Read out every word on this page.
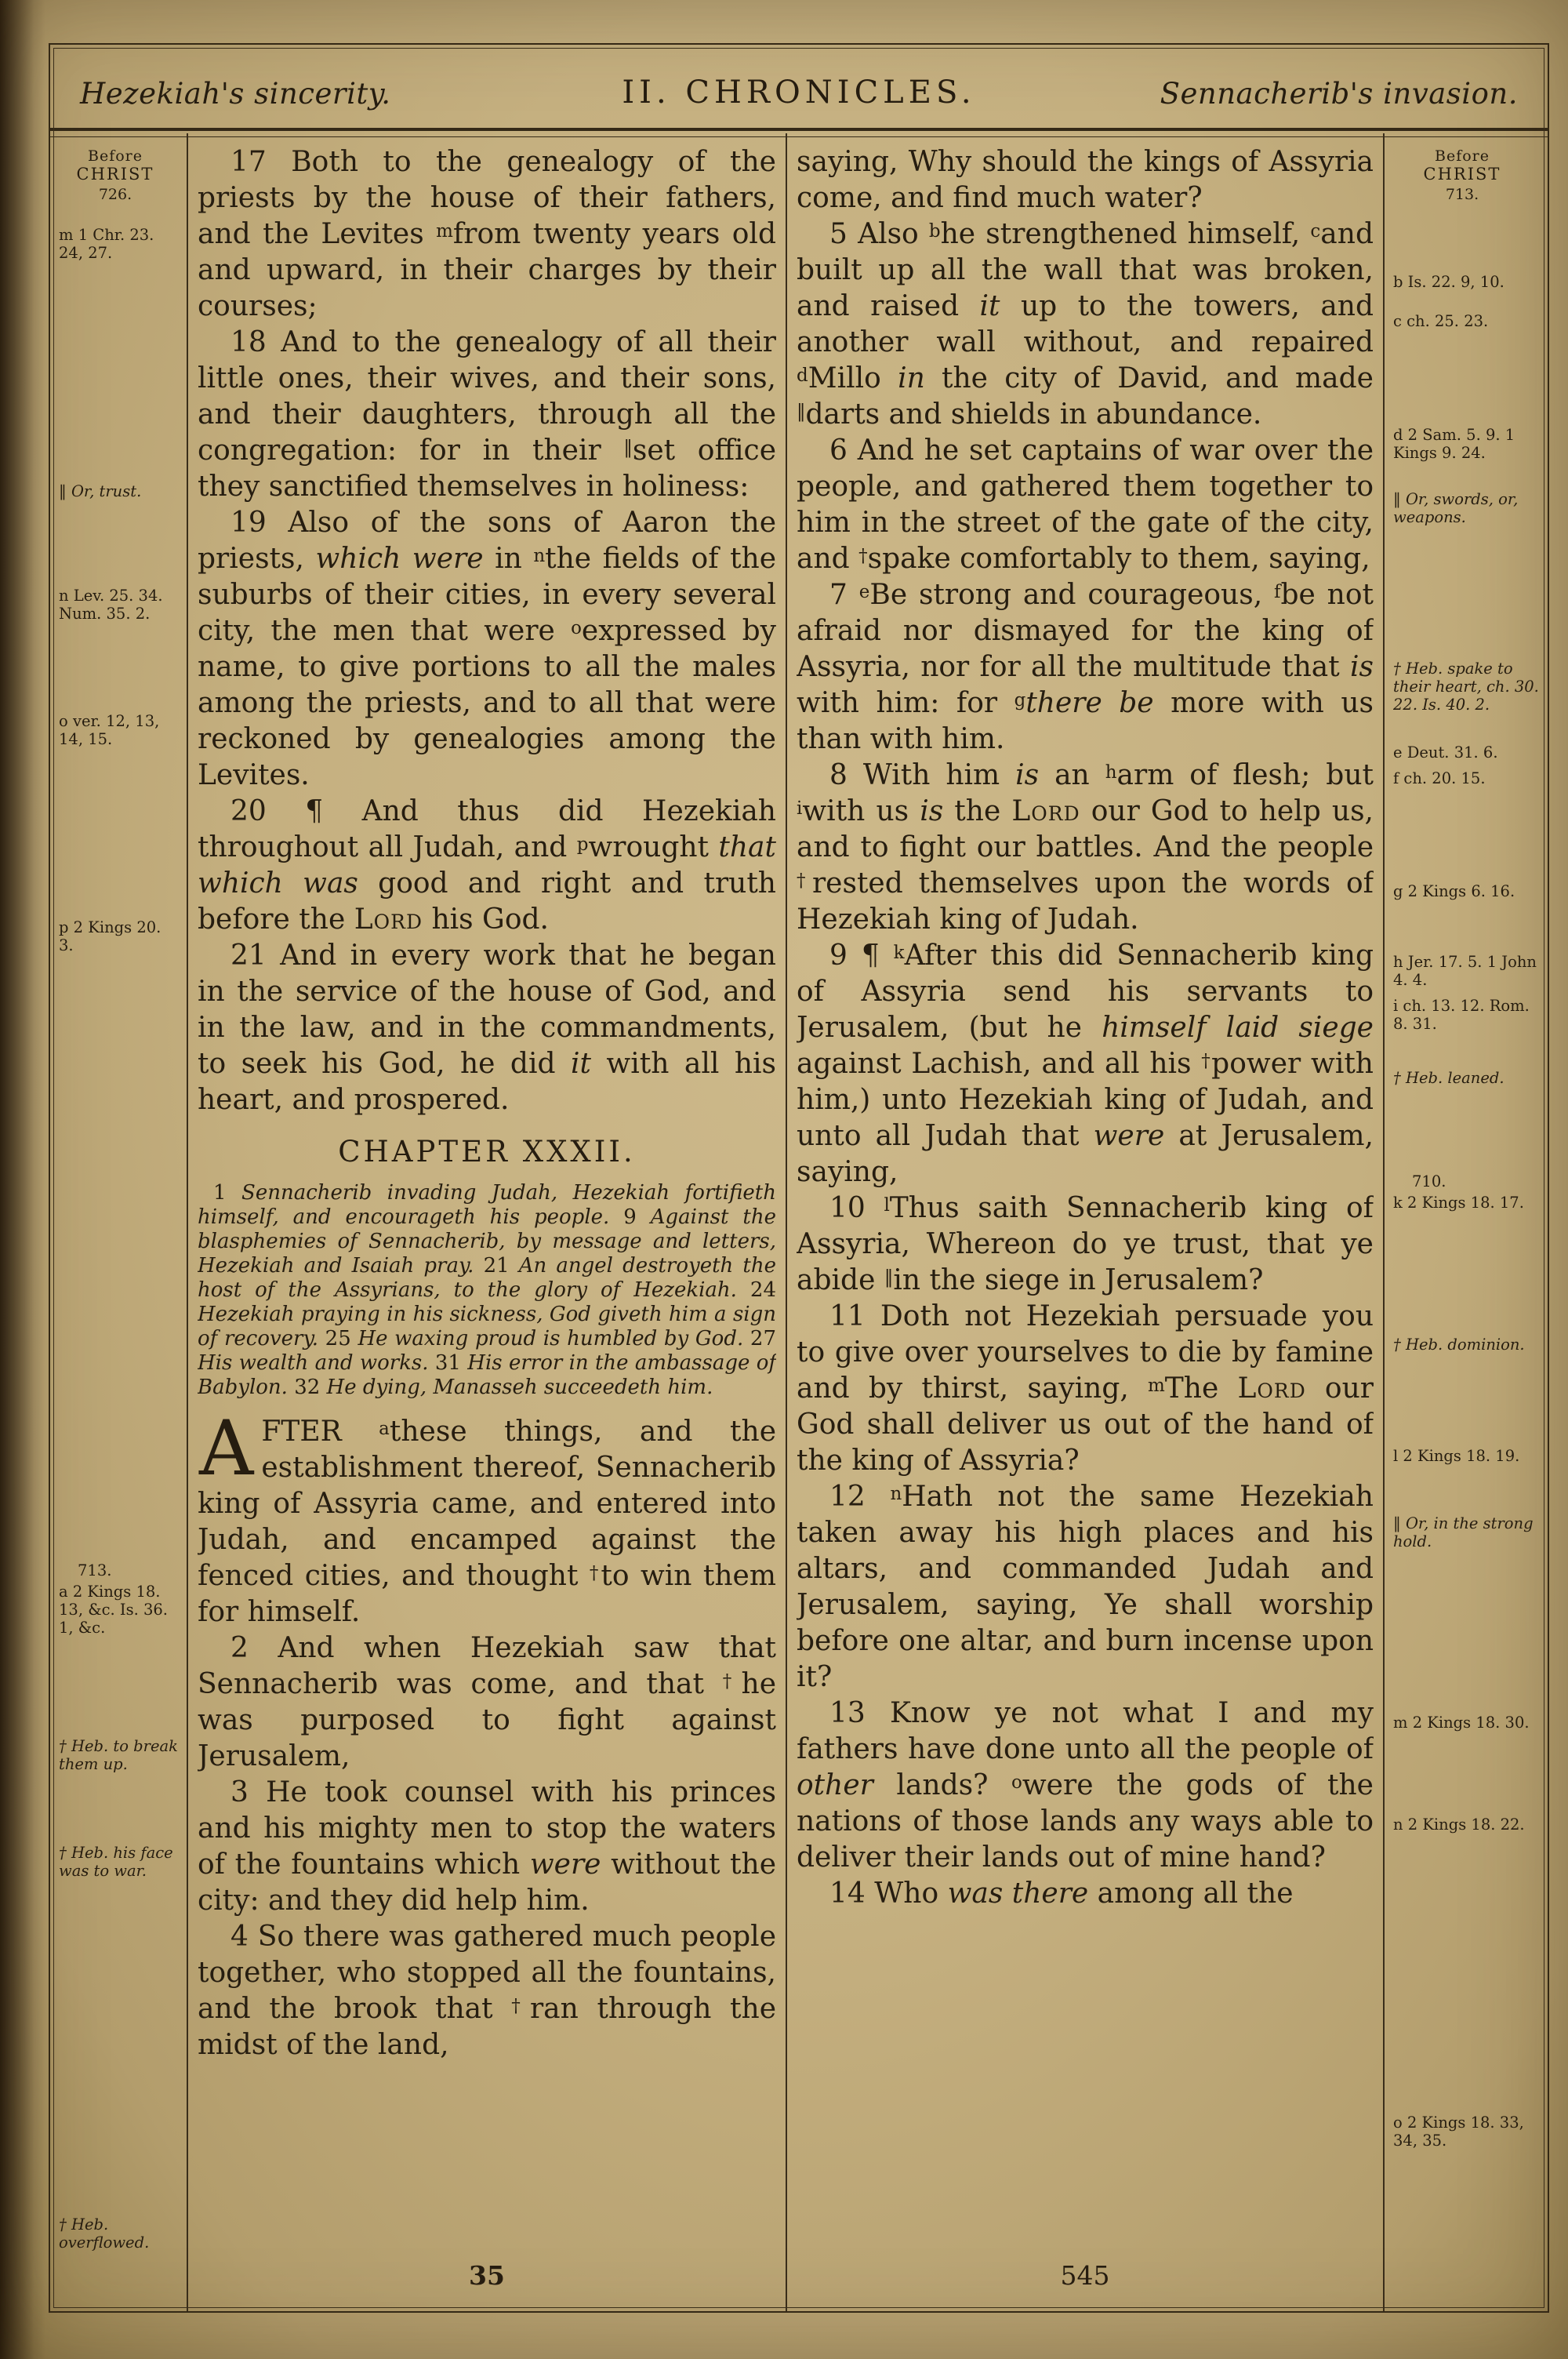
Hezekiah's sincerity.	II. CHRONICLES.	Sennacherib's invasion.
Before
CHRIST
726.
m 1 Chr. 23. 24, 27.
‖ Or, trust.
n Lev. 25. 34. Num. 35. 2.
o ver. 12, 13, 14, 15.
p 2 Kings 20. 3.
713.
a 2 Kings 18. 13, &c. Is. 36. 1, &c.
† Heb. to break them up.
† Heb. his face was to war.
† Heb. overflowed.

17 Both to the genealogy of the priests by the house of their fathers, and the Levites $^m$from twenty years old and upward, in their charges by their courses;

18 And to the genealogy of all their little ones, their wives, and their sons, and their daughters, through all the congregation: for in their ‖set office they sanctified themselves in holiness:

19 Also of the sons of Aaron the priests, which were in $^n$the fields of the suburbs of their cities, in every several city, the men that were $^o$expressed by name, to give portions to all the males among the priests, and to all that were reckoned by genealogies among the Levites.

20 ¶ And thus did Hezekiah throughout all Judah, and $^p$wrought that which was good and right and truth before the Lord his God.

21 And in every work that he began in the service of the house of God, and in the law, and in the commandments, to seek his God, he did it with all his heart, and prospered.

CHAPTER XXXII.

1 Sennacherib invading Judah, Hezekiah fortifieth himself, and encourageth his people. 9 Against the blasphemies of Sennacherib, by message and letters, Hezekiah and Isaiah pray. 21 An angel destroyeth the host of the Assyrians, to the glory of Hezekiah. 24 Hezekiah praying in his sickness, God giveth him a sign of recovery. 25 He waxing proud is humbled by God. 27 His wealth and works. 31 His error in the ambassage of Babylon. 32 He dying, Manasseh succeedeth him.

AFTER $^a$these things, and the establishment thereof, Sennacherib king of Assyria came, and entered into Judah, and encamped against the fenced cities, and thought †to win them for himself.

2 And when Hezekiah saw that Sennacherib was come, and that †he was purposed to fight against Jerusalem,

3 He took counsel with his princes and his mighty men to stop the waters of the fountains which were without the city: and they did help him.

4 So there was gathered much people together, who stopped all the fountains, and the brook that †ran through the midst of the land,

saying, Why should the kings of Assyria come, and find much water?

5 Also $^b$he strengthened himself, $^c$and built up all the wall that was broken, and raised it up to the towers, and another wall without, and repaired $^d$Millo in the city of David, and made ‖darts and shields in abundance.

6 And he set captains of war over the people, and gathered them together to him in the street of the gate of the city, and †spake comfortably to them, saying,

7 $^e$Be strong and courageous, $^f$be not afraid nor dismayed for the king of Assyria, nor for all the multitude that is with him: for $^g$there be more with us than with him.

8 With him is an $^h$arm of flesh; but $^i$with us is the Lord our God to help us, and to fight our battles. And the people †rested themselves upon the words of Hezekiah king of Judah.

9 ¶ $^k$After this did Sennacherib king of Assyria send his servants to Jerusalem, (but he himself laid siege against Lachish, and all his †power with him,) unto Hezekiah king of Judah, and unto all Judah that were at Jerusalem, saying,

10 $^l$Thus saith Sennacherib king of Assyria, Whereon do ye trust, that ye abide ‖in the siege in Jerusalem?

11 Doth not Hezekiah persuade you to give over yourselves to die by famine and by thirst, saying, $^m$The Lord our God shall deliver us out of the hand of the king of Assyria?

12 $^n$Hath not the same Hezekiah taken away his high places and his altars, and commanded Judah and Jerusalem, saying, Ye shall worship before one altar, and burn incense upon it?

13 Know ye not what I and my fathers have done unto all the people of other lands? $^o$were the gods of the nations of those lands any ways able to deliver their lands out of mine hand?

14 Who was there among all the

Before
CHRIST
713.
b Is. 22. 9, 10.
c ch. 25. 23.
d 2 Sam. 5. 9. 1 Kings 9. 24.
‖ Or, swords, or, weapons.
† Heb. spake to their heart, ch. 30. 22. Is. 40. 2.
e Deut. 31. 6.
f ch. 20. 15.
g 2 Kings 6. 16.
h Jer. 17. 5. 1 John 4. 4.
i ch. 13. 12. Rom. 8. 31.
† Heb. leaned.
710.
k 2 Kings 18. 17.
† Heb. dominion.
l 2 Kings 18. 19.
‖ Or, in the strong hold.
m 2 Kings 18. 30.
n 2 Kings 18. 22.
o 2 Kings 18. 33, 34, 35.
35	545
